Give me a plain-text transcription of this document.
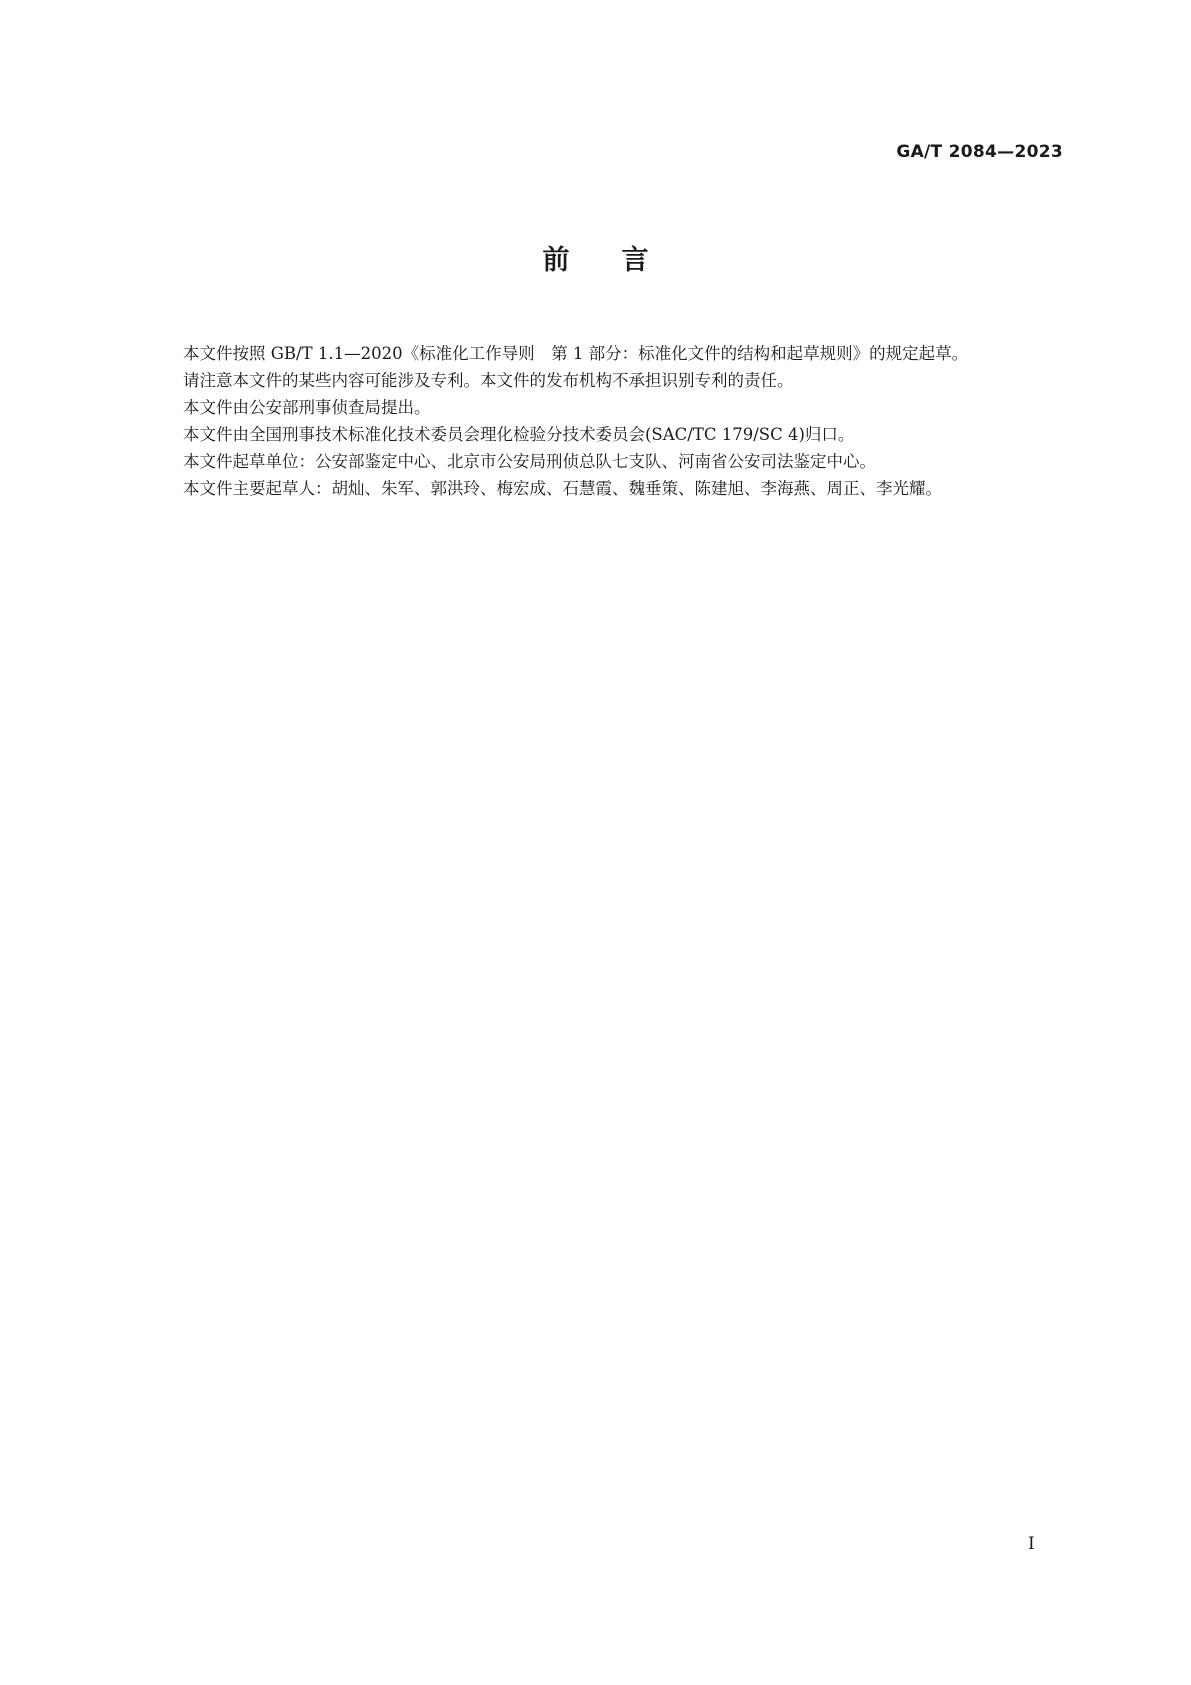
GA/T 2084—2023
前言

本文件按照 GB/T 1.1—2020《标准化工作导则　第 1 部分：标准化文件的结构和起草规则》的规定起草。

请注意本文件的某些内容可能涉及专利。本文件的发布机构不承担识别专利的责任。

本文件由公安部刑事侦查局提出。

本文件由全国刑事技术标准化技术委员会理化检验分技术委员会(SAC/TC 179/SC 4)归口。

本文件起草单位：公安部鉴定中心、北京市公安局刑侦总队七支队、河南省公安司法鉴定中心。

本文件主要起草人：胡灿、朱军、郭洪玲、梅宏成、石慧霞、魏垂策、陈建旭、李海燕、周正、李光耀。

I
